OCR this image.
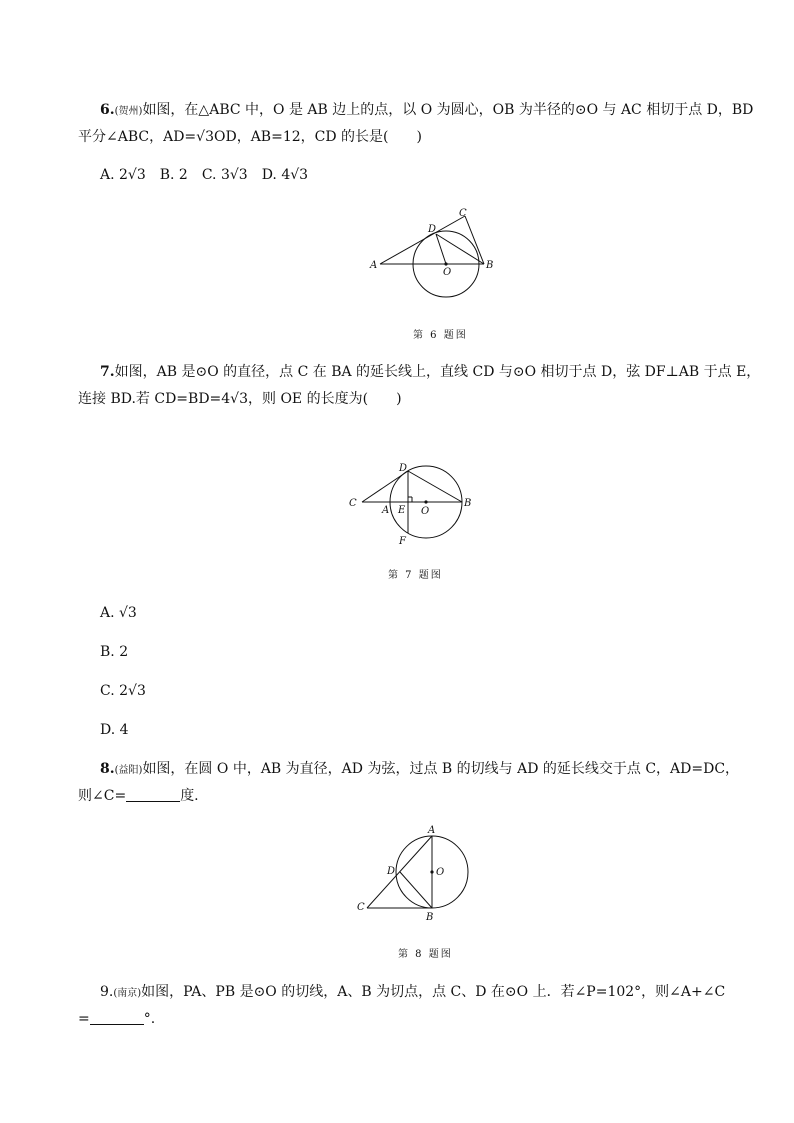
6.(贺州)如图，在△ABC 中，O 是 AB 边上的点，以 O 为圆心，OB 为半径的⊙O 与 AC 相切于点 D，BD
平分∠ABC，AD=√3OD，AB=12，CD 的长是( )
A. 2√3　B. 2　C. 3√3　D. 4√3
A	B
C
D
O
第 6 题图
7.如图，AB 是⊙O 的直径，点 C 在 BA 的延长线上，直线 CD 与⊙O 相切于点 D，弦 DF⊥AB 于点 E，
连接 BD.若 CD=BD=4√3，则 OE 的长度为( )
C
A E O
B
D
F
第 7 题图
A. √3
B. 2
C. 2√3
D. 4
8.(益阳)如图，在圆 O 中，AB 为直径，AD 为弦，过点 B 的切线与 AD 的延长线交于点 C，AD=DC，
则∠C=	度.
A
B
C
D	O
第 8 题图
9.(南京)如图，PA、PB 是⊙O 的切线，A、B 为切点，点 C、D 在⊙O 上．若∠P=102°，则∠A+∠C
=	°.
